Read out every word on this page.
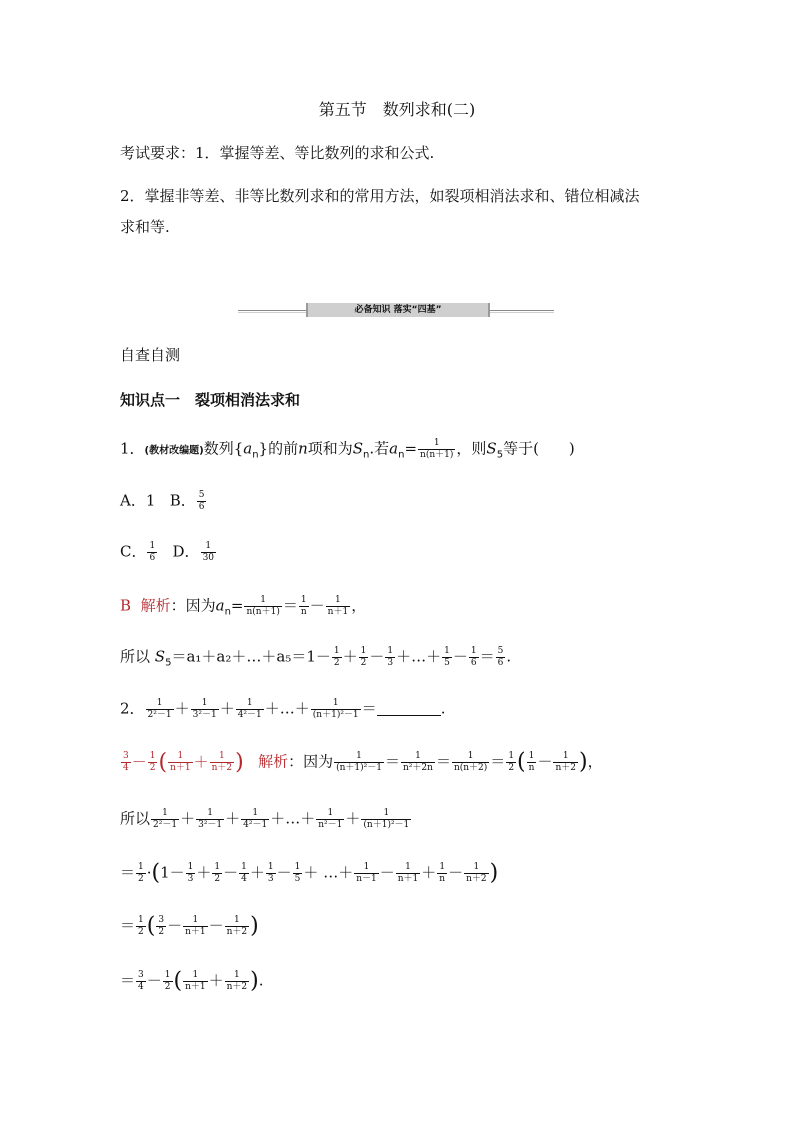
第五节　数列求和(二)
考试要求：1．掌握等差、等比数列的求和公式.
2．掌握非等差、非等比数列求和的常用方法，如裂项相消法求和、错位相减法
求和等.
必备知识 落实“四基”
自查自测
知识点一　裂项相消法求和
1．(教材改编题)数列$\{a_n\}$的前n项和为$S_n$.若$a_n= \frac{1}{n(n+1)}$ ，则$S_5$等于(　　)
A．1 B． $\frac{5}{6}$
C． $\frac{1}{6}$ D． $\frac{1}{30}$
B 解析：因为$a_n= \frac{1}{n(n+1)} = \frac{1}{n} - \frac{1}{n+1}$ ，
所以 $S_5=a_1+a_2+\dots+a_5=1- \frac{1}{2} + \frac{1}{2} - \frac{1}{3}$ ＋…＋ $\frac{1}{5} - \frac{1}{6} = \frac{5}{6}$ .
2． $\frac{1}{\text{2²－1}} + \frac{1}{\text{3²－1}} + \frac{1}{\text{4²－1}}$ ＋…＋ $\frac{1}{\text{(n＋1)²－1}}$ ＝	.
$\frac{3}{4} - \frac{1}{2}$ ( $\frac{1}{n+1} + \frac{1}{n+2}$ ) 解析：因为 $\frac{1}{\text{(n＋1)²－1}} = \frac{1}{\text{n²＋2n}} = \frac{1}{n(n+2)} = \frac{1}{2}$ ( $\frac{1}{n} - \frac{1}{n+2}$ )，
所以 $\frac{1}{\text{2²－1}} + \frac{1}{\text{3²－1}} + \frac{1}{\text{4²－1}}$ ＋…＋ $\frac{1}{\text{n²－1}} + \frac{1}{\text{(n＋1)²－1}}$
＝ $\frac{1}{2} \cdot(1- \frac{1}{3} + \frac{1}{2} - \frac{1}{4} + \frac{1}{3} - \frac{1}{5}$ ＋ …＋ $\frac{1}{n-1} - \frac{1}{n+1} + \frac{1}{n} - \frac{1}{n+2}$ )
＝ $\frac{1}{2}$ ( $\frac{3}{2} - \frac{1}{n+1} - \frac{1}{n+2}$ )
＝ $\frac{3}{4} - \frac{1}{2}$ ( $\frac{1}{n+1} + \frac{1}{n+2}$ ).
